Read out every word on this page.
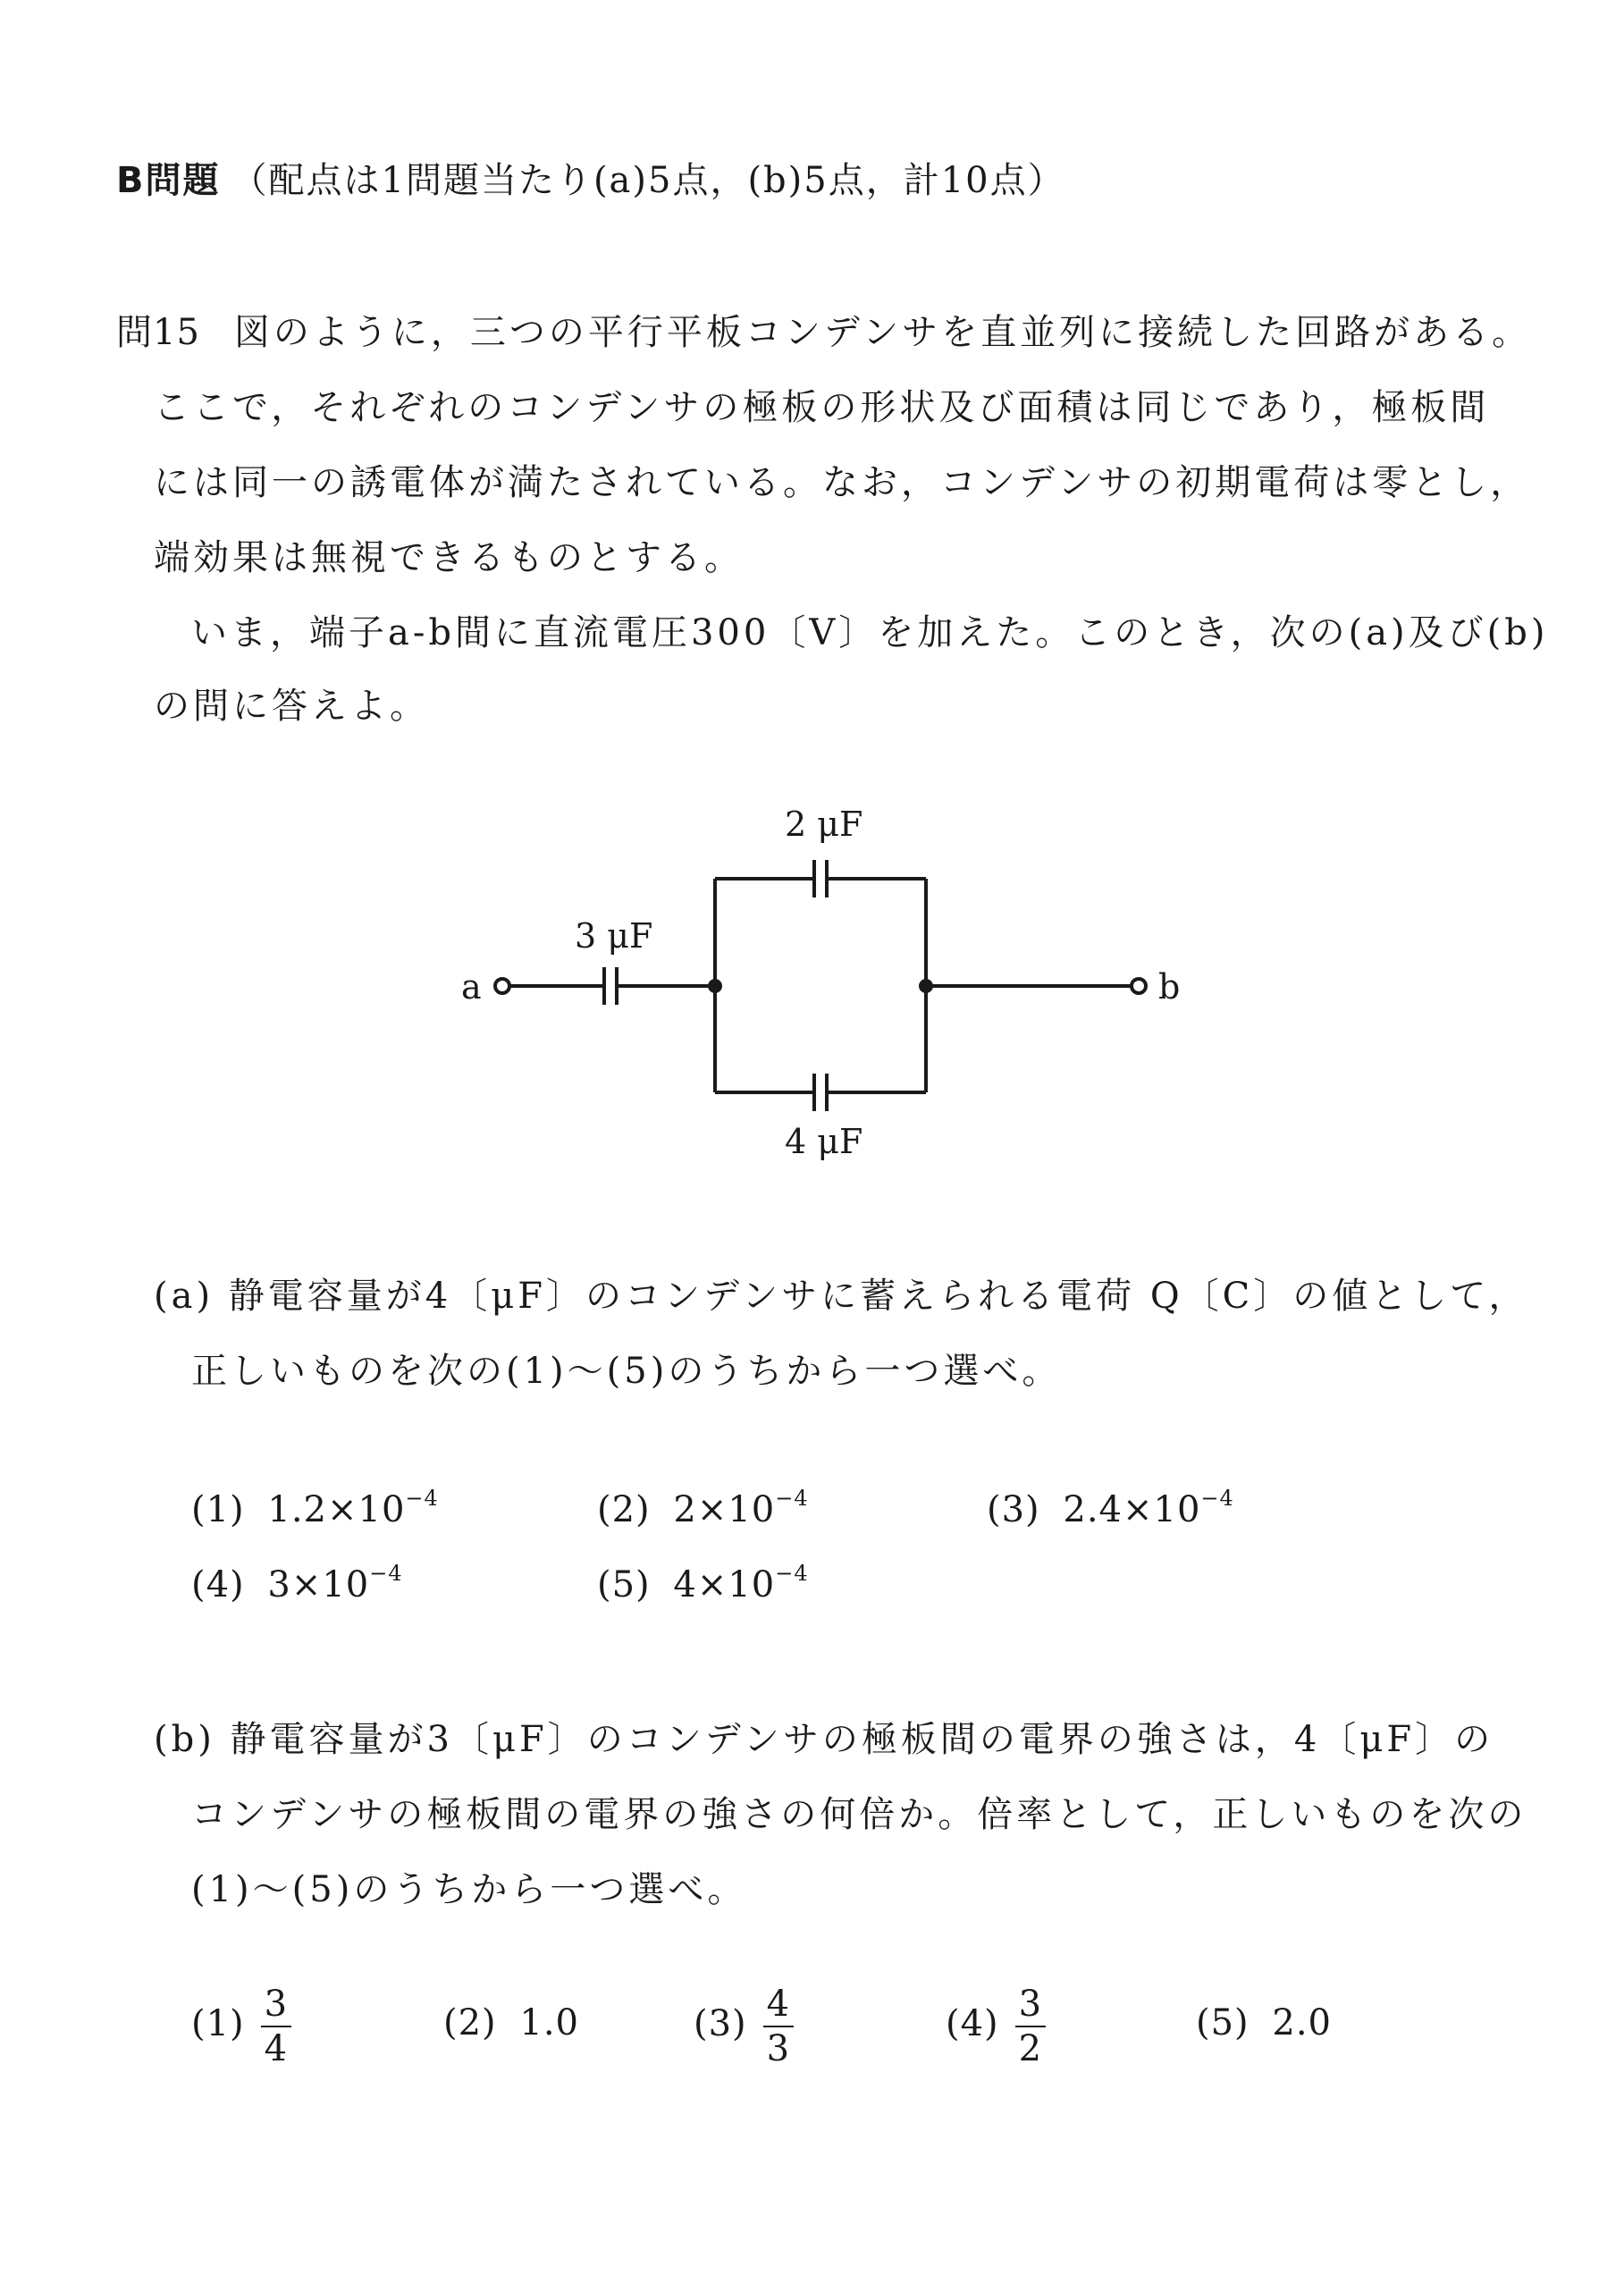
B問題 （配点は1問題当たり(a)5点，(b)5点，計10点）
問15 図のように，三つの平行平板コンデンサを直並列に接続した回路がある。
ここで，それぞれのコンデンサの極板の形状及び面積は同じであり，極板間
には同一の誘電体が満たされている。なお，コンデンサの初期電荷は零とし，
端効果は無視できるものとする。
いま，端子a-b間に直流電圧300〔V〕を加えた。このとき，次の(a)及び(b)
の問に答えよ。
a	b
3 μF
2 μF
4 μF
(a) 静電容量が4〔μF〕のコンデンサに蓄えられる電荷 Q〔C〕の値として，
正しいものを次の(1)～(5)のうちから一つ選べ。
(1) $1.2\times 10^{-4}$	(2) $2\times 10^{-4}$	(3) $2.4\times 10^{-4}$
(4) $3\times 10^{-4}$	(5) $4\times 10^{-4}$
(b) 静電容量が3〔μF〕のコンデンサの極板間の電界の強さは，4〔μF〕の
コンデンサの極板間の電界の強さの何倍か。倍率として，正しいものを次の
(1)～(5)のうちから一つ選べ。
$(1) \frac{3}{4}$	(2) 1.0	$(3) \frac{4}{3}$	$(4) \frac{3}{2}$	(5) 2.0
